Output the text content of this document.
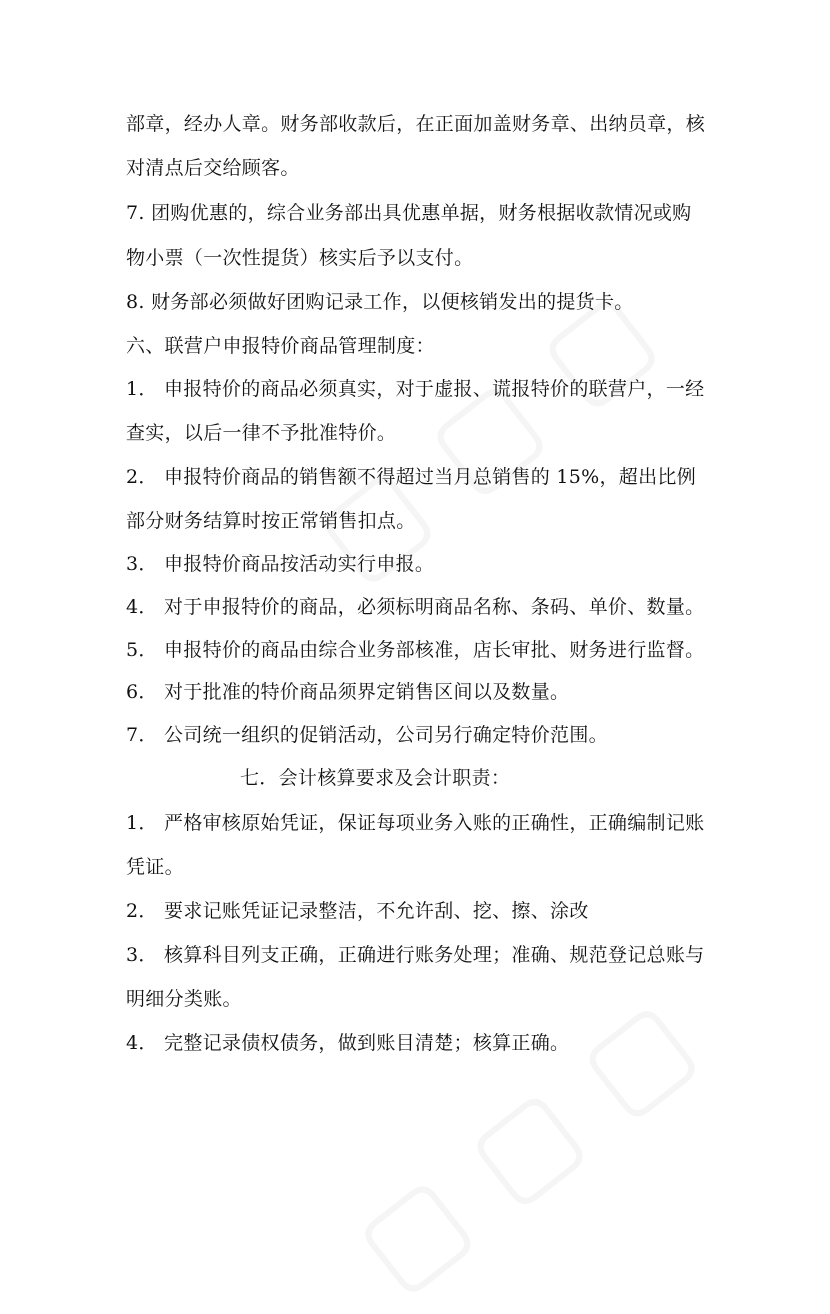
部章，经办人章。财务部收款后，在正面加盖财务章、出纳员章，核
对清点后交给顾客。
7. 团购优惠的，综合业务部出具优惠单据，财务根据收款情况或购
物小票（一次性提货）核实后予以支付。
8. 财务部必须做好团购记录工作，以便核销发出的提货卡。
六、联营户申报特价商品管理制度：
1． 申报特价的商品必须真实，对于虚报、谎报特价的联营户，一经
查实，以后一律不予批准特价。
2． 申报特价商品的销售额不得超过当月总销售的 15%，超出比例
部分财务结算时按正常销售扣点。
3． 申报特价商品按活动实行申报。
4． 对于申报特价的商品，必须标明商品名称、条码、单价、数量。
5． 申报特价的商品由综合业务部核准，店长审批、财务进行监督。
6． 对于批准的特价商品须界定销售区间以及数量。
7． 公司统一组织的促销活动，公司另行确定特价范围。
七．会计核算要求及会计职责：
1． 严格审核原始凭证，保证每项业务入账的正确性，正确编制记账
凭证。
2． 要求记账凭证记录整洁，不允许刮、挖、擦、涂改
3． 核算科目列支正确，正确进行账务处理；准确、规范登记总账与
明细分类账。
4． 完整记录债权债务，做到账目清楚；核算正确。
